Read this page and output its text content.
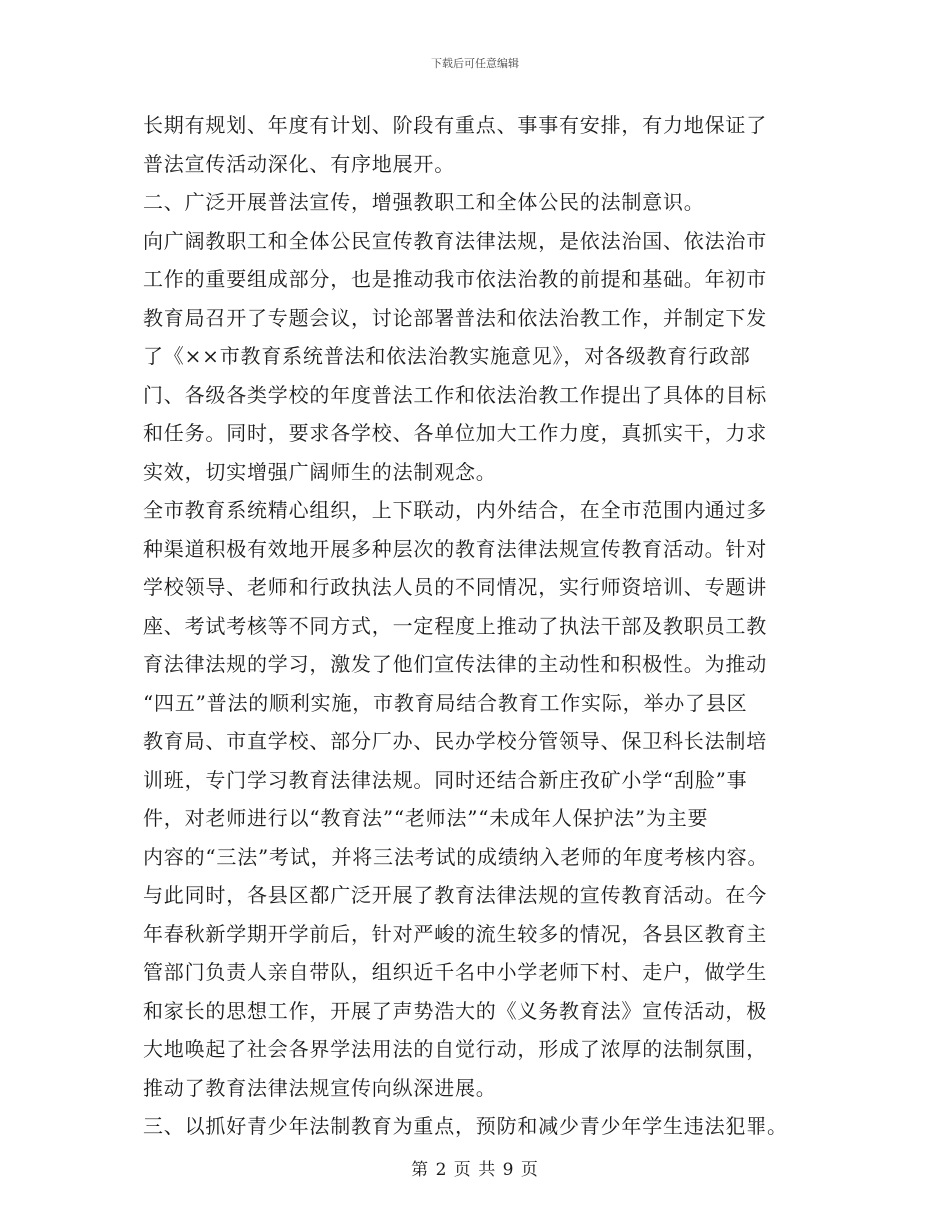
下载后可任意编辑
长期有规划、年度有计划、阶段有重点、事事有安排，有力地保证了
普法宣传活动深化、有序地展开。
二、广泛开展普法宣传，增强教职工和全体公民的法制意识。
向广阔教职工和全体公民宣传教育法律法规，是依法治国、依法治市
工作的重要组成部分，也是推动我市依法治教的前提和基础。年初市
教育局召开了专题会议，讨论部署普法和依法治教工作，并制定下发
了《××市教育系统普法和依法治教实施意见》，对各级教育行政部
门、各级各类学校的年度普法工作和依法治教工作提出了具体的目标
和任务。同时，要求各学校、各单位加大工作力度，真抓实干，力求
实效，切实增强广阔师生的法制观念。
全市教育系统精心组织，上下联动，内外结合，在全市范围内通过多
种渠道积极有效地开展多种层次的教育法律法规宣传教育活动。针对
学校领导、老师和行政执法人员的不同情况，实行师资培训、专题讲
座、考试考核等不同方式，一定程度上推动了执法干部及教职员工教
育法律法规的学习，激发了他们宣传法律的主动性和积极性。为推动
“四五”普法的顺利实施，市教育局结合教育工作实际，举办了县区
教育局、市直学校、部分厂办、民办学校分管领导、保卫科长法制培
训班，专门学习教育法律法规。同时还结合新庄孜矿小学“刮脸”事
件，对老师进行以“教育法”“老师法”“未成年人保护法”为主要
内容的“三法”考试，并将三法考试的成绩纳入老师的年度考核内容。
与此同时，各县区都广泛开展了教育法律法规的宣传教育活动。在今
年春秋新学期开学前后，针对严峻的流生较多的情况，各县区教育主
管部门负责人亲自带队，组织近千名中小学老师下村、走户，做学生
和家长的思想工作，开展了声势浩大的《义务教育法》宣传活动，极
大地唤起了社会各界学法用法的自觉行动，形成了浓厚的法制氛围，
推动了教育法律法规宣传向纵深进展。
三、以抓好青少年法制教育为重点，预防和减少青少年学生违法犯罪。
第 2 页 共 9 页
